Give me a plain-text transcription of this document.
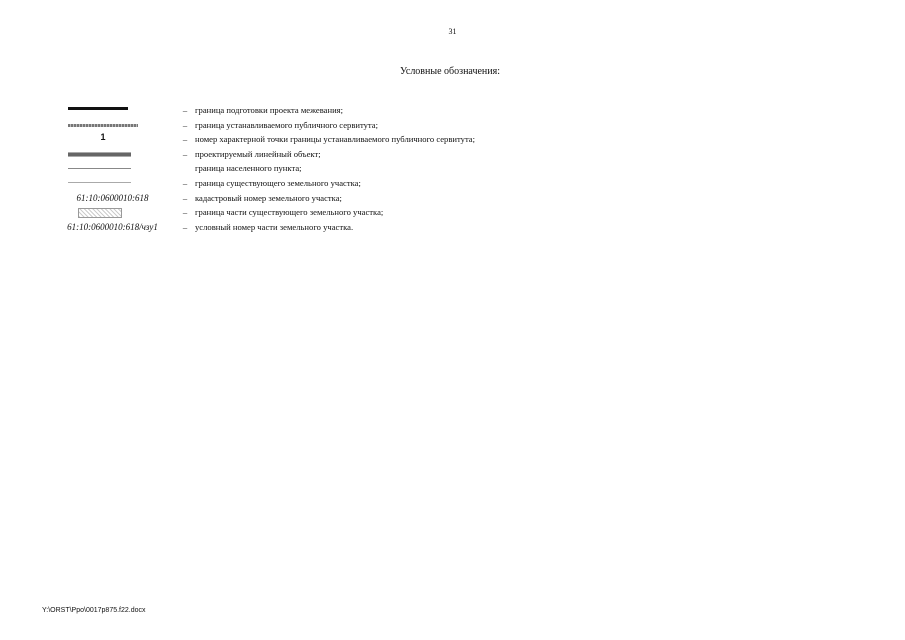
31
Условные обозначения:
– граница подготовки проекта межевания;
– граница устанавливаемого публичного сервитута;
1	– номер характерной точки границы устанавливаемого публичного сервитута;
– проектируемый линейный объект;
граница населенного пункта;
– граница существующего земельного участка;
61:10:0600010:618	– кадастровый номер земельного участка;
– граница части существующего земельного участка;
61:10:0600010:618/чзу1	– условный номер части земельного участка.
Y:\ORST\Ppo\0017p875.f22.docx
